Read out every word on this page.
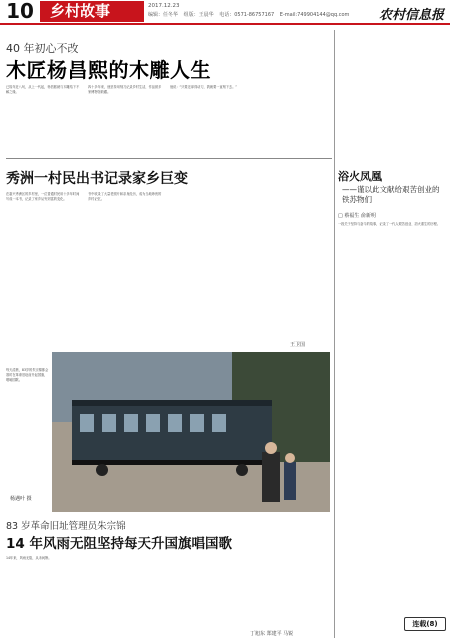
10	乡村故事	2017.12.23
编辑：任冬华 组版：王晨华 电话：0571-86757167 E-mail:749904144@qq.com 农村信息报
40 年初心不改
木匠杨昌熙的木雕人生
已故年近八旬，从上一代起，杨昌熙就与木雕结下不解之缘。
四十多年来，他坚持用刻刀记录乡村生活，作品被多家博物馆收藏。
他说：“只要还拿得动刀，我就要一直刻下去。”
秀洲一村民出书记录家乡巨变
在嘉兴秀洲区的乡村里，一位普通村民用十多年时间写成一本书，记录了家乡从穷到富的变化。
书中收录了大量老照片和亲身经历，成为当地珍贵的乡村记忆。
王卫国
每天清晨，83岁的朱宗锦都会准时在革命旧址前升起国旗，唱响国歌。
杨遇叶 摄
83 岁革命旧址管理员朱宗锦
14 年风雨无阻坚持每天升国旗唱国歌
14年来，风雨无阻，从未间断。
丁旭东 郑建平 马锐
浴火凤凰
——谨以此文献给艰苦创业的铁苏物们
□ 蔡福生 俞新明
一段关于坚持与奋斗的故事，记录了一代人艰苦创业、浴火重生的历程。
连载(8)
